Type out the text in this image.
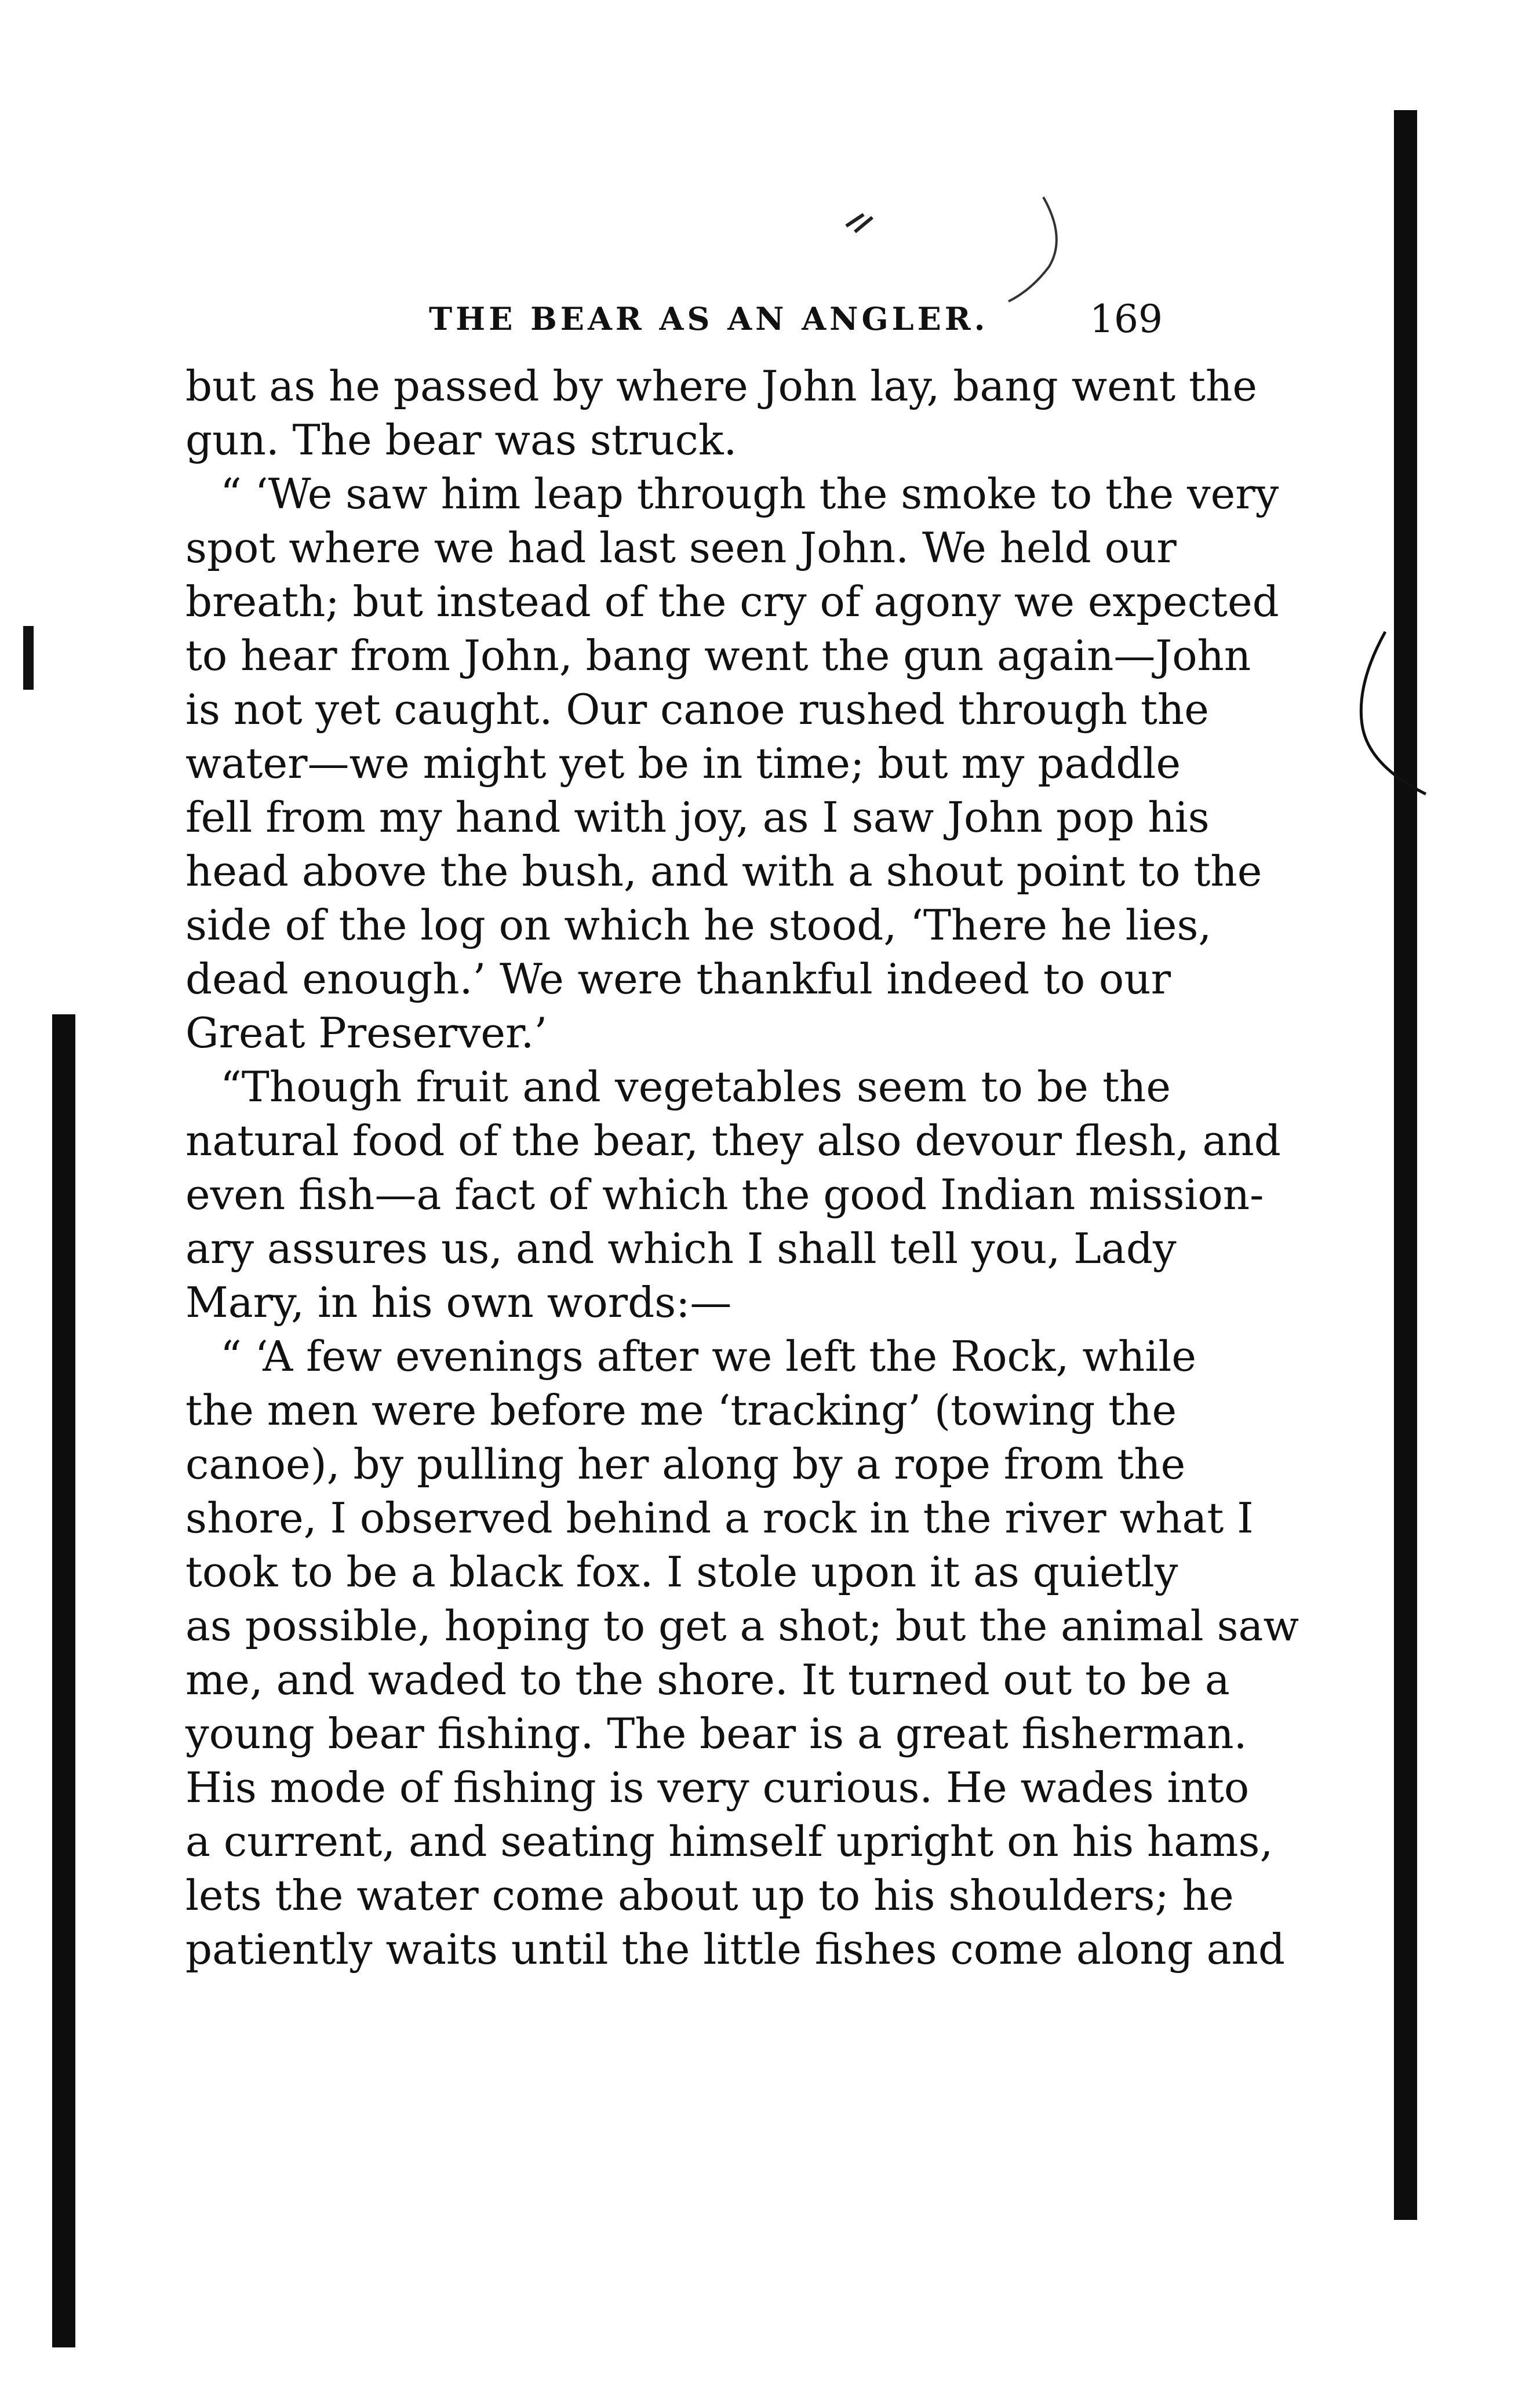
THE BEAR AS AN ANGLER.	169
but as he passed by where John lay, bang went the
gun. The bear was struck.
“ ‘We saw him leap through the smoke to the very
spot where we had last seen John. We held our
breath; but instead of the cry of agony we expected
to hear from John, bang went the gun again—John
is not yet caught. Our canoe rushed through the
water—we might yet be in time; but my paddle
fell from my hand with joy, as I saw John pop his
head above the bush, and with a shout point to the
side of the log on which he stood, ‘There he lies,
dead enough.’ We were thankful indeed to our
Great Preserver.’
“Though fruit and vegetables seem to be the
natural food of the bear, they also devour flesh, and
even fish—a fact of which the good Indian mission-
ary assures us, and which I shall tell you, Lady
Mary, in his own words:—
“ ‘A few evenings after we left the Rock, while
the men were before me ‘tracking’ (towing the
canoe), by pulling her along by a rope from the
shore, I observed behind a rock in the river what I
took to be a black fox. I stole upon it as quietly
as possible, hoping to get a shot; but the animal saw
me, and waded to the shore. It turned out to be a
young bear fishing. The bear is a great fisherman.
His mode of fishing is very curious. He wades into
a current, and seating himself upright on his hams,
lets the water come about up to his shoulders; he
patiently waits until the little fishes come along and
